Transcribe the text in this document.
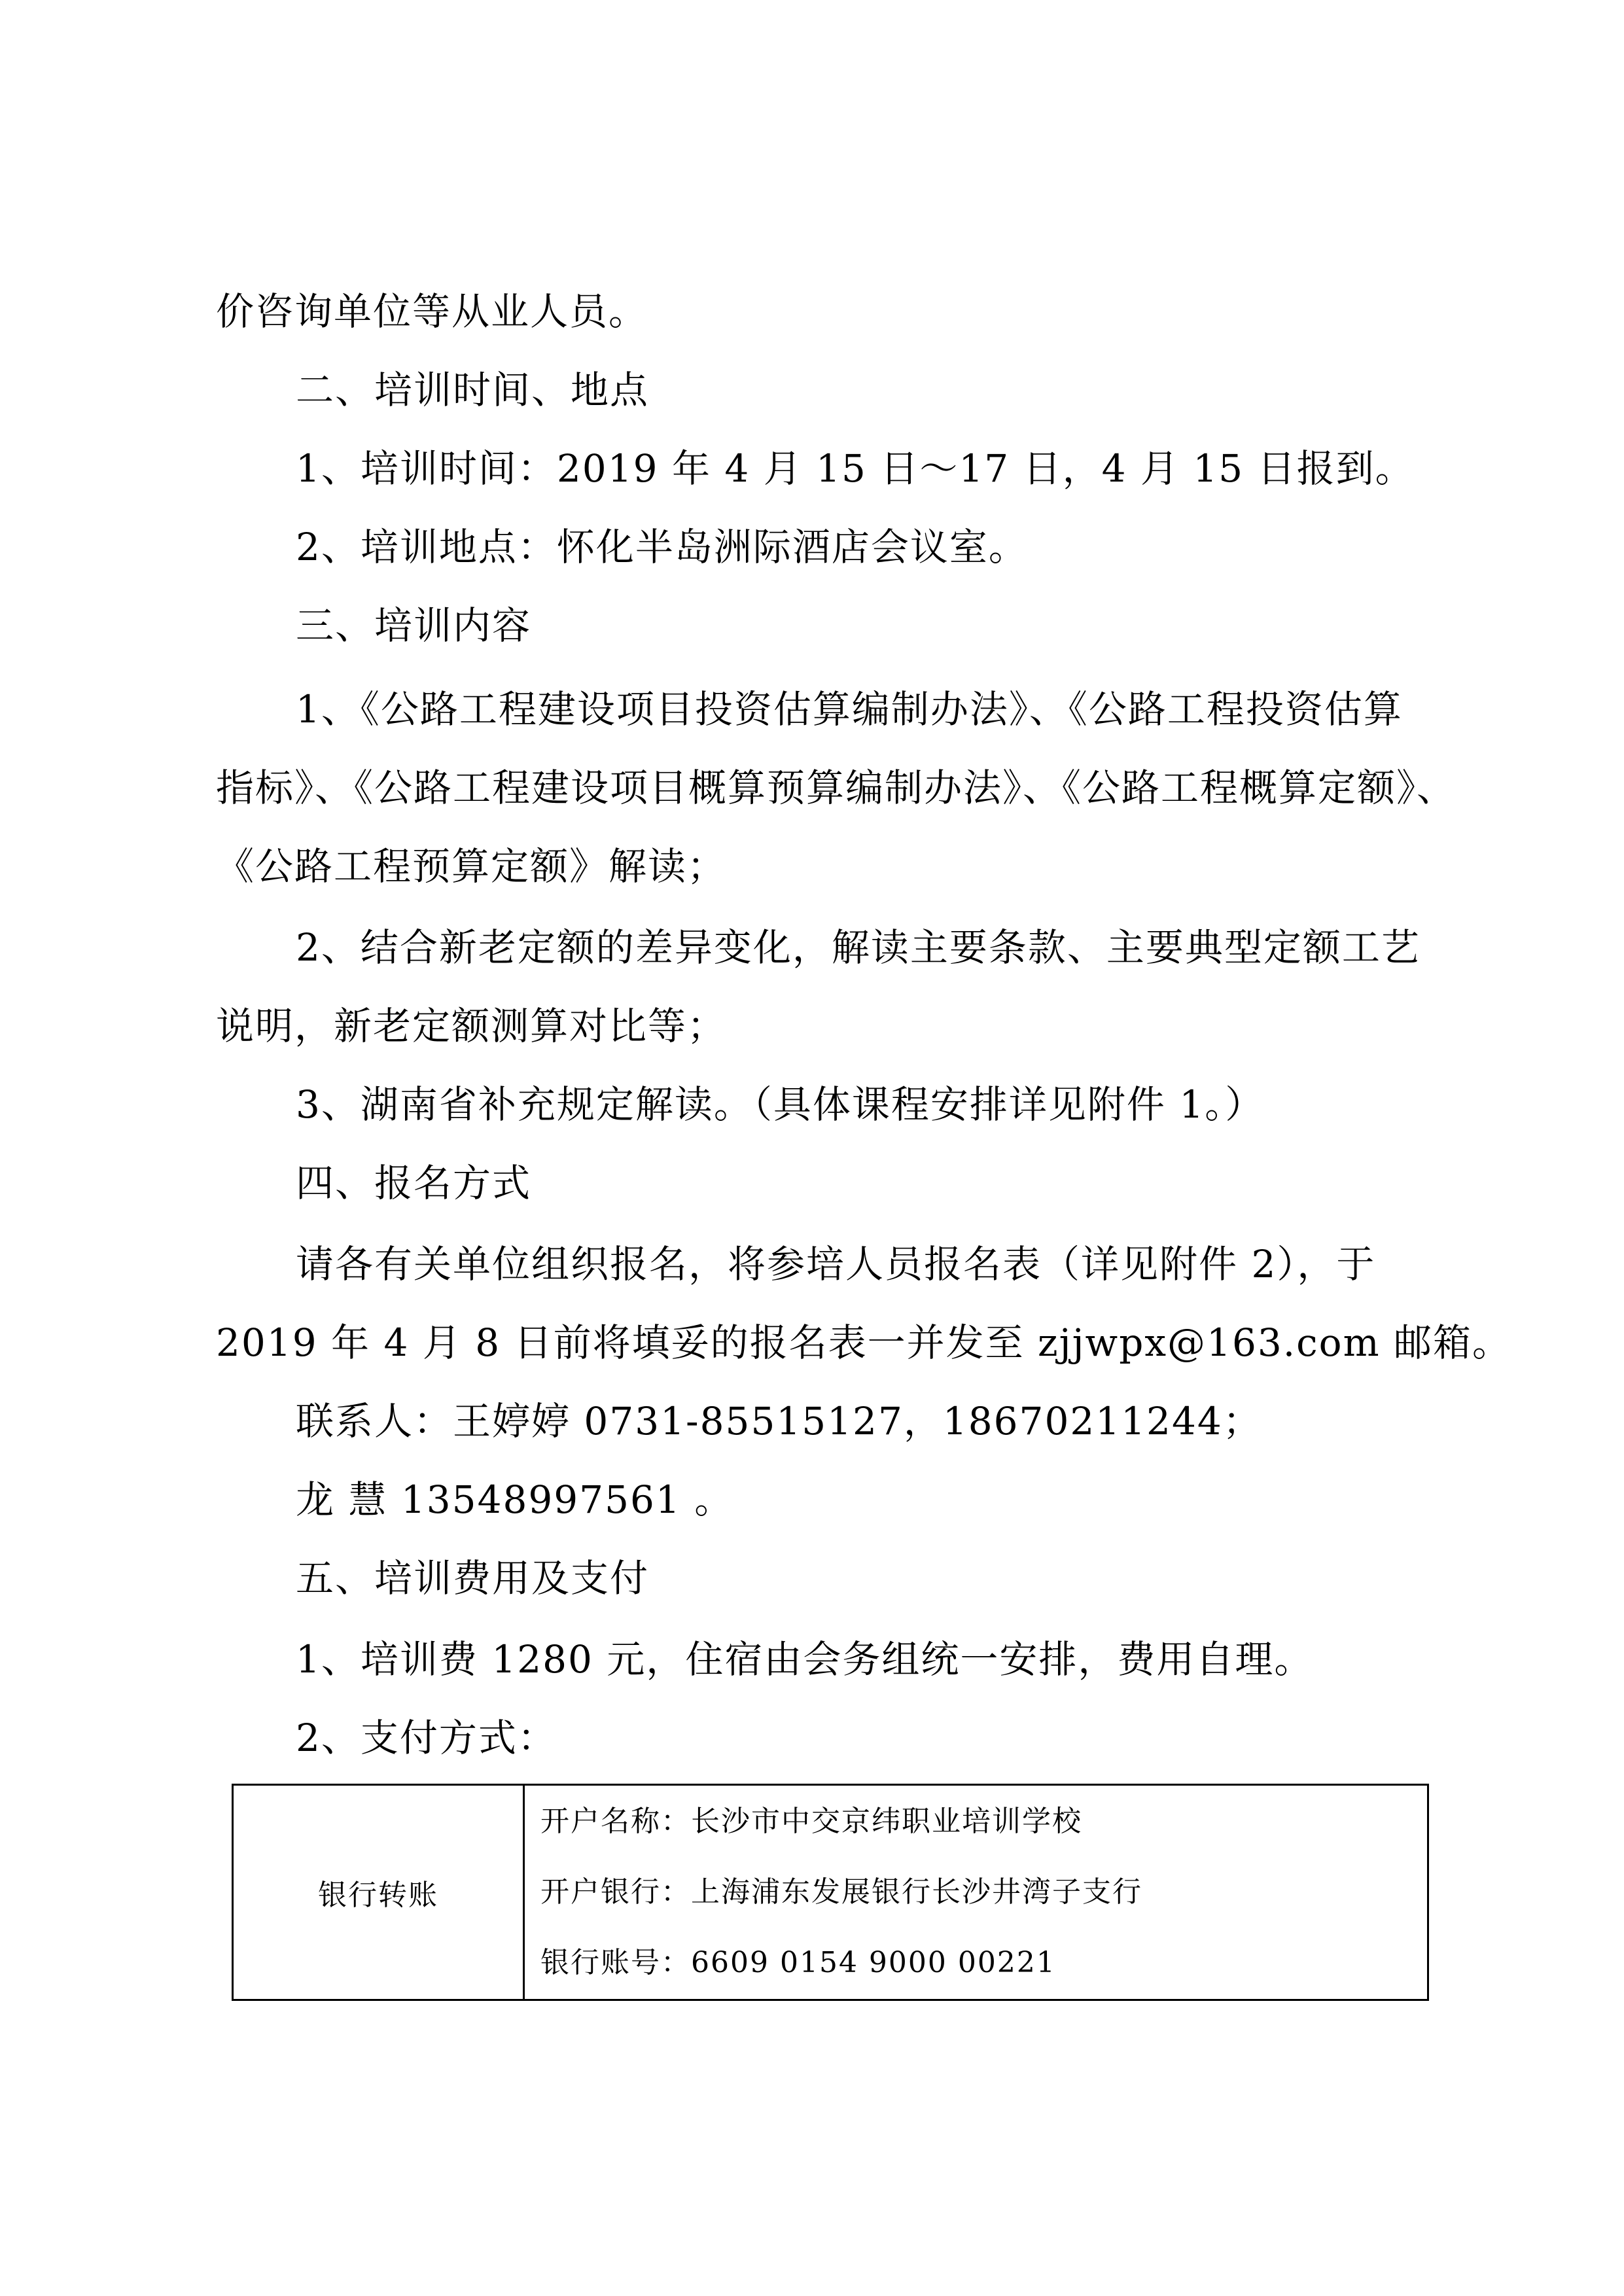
价咨询单位等从业人员。
二、培训时间、地点
1、培训时间：2019 年 4 月 15 日～17 日，4 月 15 日报到。
2、培训地点：怀化半岛洲际酒店会议室。
三、培训内容
1、《公路工程建设项目投资估算编制办法》、《公路工程投资估算
指标》、《公路工程建设项目概算预算编制办法》、《公路工程概算定额》、
《公路工程预算定额》解读；
2、结合新老定额的差异变化，解读主要条款、主要典型定额工艺
说明，新老定额测算对比等；
3、湖南省补充规定解读。（具体课程安排详见附件 1。）
四、报名方式
请各有关单位组织报名，将参培人员报名表（详见附件 2），于
2019 年 4 月 8 日前将填妥的报名表一并发至 zjjwpx@163.com 邮箱。
联系人：王婷婷 0731-85515127，18670211244；
龙 慧 13548997561 。
五、培训费用及支付
1、培训费 1280 元，住宿由会务组统一安排，费用自理。
2、支付方式：
银行转账	
开户名称：长沙市中交京纬职业培训学校
开户银行：上海浦东发展银行长沙井湾子支行
银行账号：6609 0154 9000 00221
